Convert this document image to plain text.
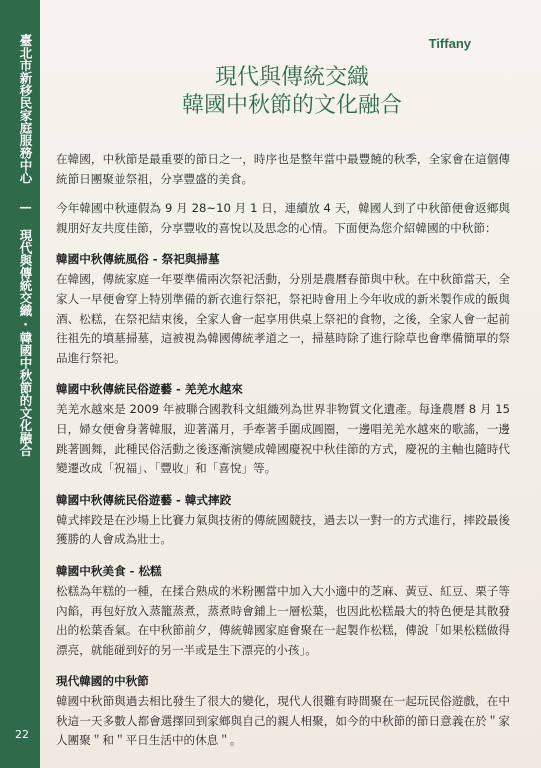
臺北市新移民家庭服務中心 — 現代與傳統交織‧韓國中秋節的文化融合
22
Tiffany
現代與傳統交織
韓國中秋節的文化融合

在韓國，中秋節是最重要的節日之一，時序也是整年當中最豐饒的秋季，全家會在這個傳統節日團聚並祭祖，分享豐盛的美食。

今年韓國中秋連假為 9 月 28~10 月 1 日，連續放 4 天，韓國人到了中秋節便會返鄉與親朋好友共度佳節，分享豐收的喜悅以及思念的心情。下面便為您介紹韓國的中秋節：

韓國中秋傳統風俗 - 祭祀與掃墓

在韓國，傳統家庭一年要準備兩次祭祀活動，分別是農曆春節與中秋。在中秋節當天，全家人一早便會穿上特別準備的新衣進行祭祀，祭祀時會用上今年收成的新米製作成的飯與酒、松糕，在祭祀結束後，全家人會一起享用供桌上祭祀的食物，之後，全家人會一起前往祖先的墳墓掃墓，這被視為韓國傳統孝道之一，掃墓時除了進行除草也會準備簡單的祭品進行祭祀。

韓國中秋傳統民俗遊藝 - 羌羌水越來

羌羌水越來是 2009 年被聯合國教科文組織列為世界非物質文化遺產。每逢農曆 8 月 15 日，婦女便會身著韓服，迎著滿月，手牽著手圍成圓圈，一邊唱羌羌水越來的歌謠，一邊跳著圓舞，此種民俗活動之後逐漸演變成韓國慶祝中秋佳節的方式，慶祝的主軸也隨時代變遷改成「祝福」、「豐收」和「喜悅」等。

韓國中秋傳統民俗遊藝 - 韓式摔跤

韓式摔跤是在沙場上比賽力氣與技術的傳統國競技，過去以一對一的方式進行，摔跤最後獲勝的人會成為壯士。

韓國中秋美食 - 松糕

松糕為年糕的一種，在揉合熟成的米粉團當中加入大小適中的芝麻、黃豆、紅豆、栗子等內餡，再包好放入蒸籠蒸煮，蒸煮時會鋪上一層松葉，也因此松糕最大的特色便是其散發出的松葉香氣。在中秋節前夕，傳統韓國家庭會聚在一起製作松糕，傳說「如果松糕做得漂亮，就能碰到好的另一半或是生下漂亮的小孩」。

現代韓國的中秋節

韓國中秋節與過去相比發生了很大的變化，現代人很難有時間聚在一起玩民俗遊戲，在中秋這一天多數人都會選擇回到家鄉與自己的親人相聚，如今的中秋節的節日意義在於＂家人團聚＂和＂平日生活中的休息＂。
